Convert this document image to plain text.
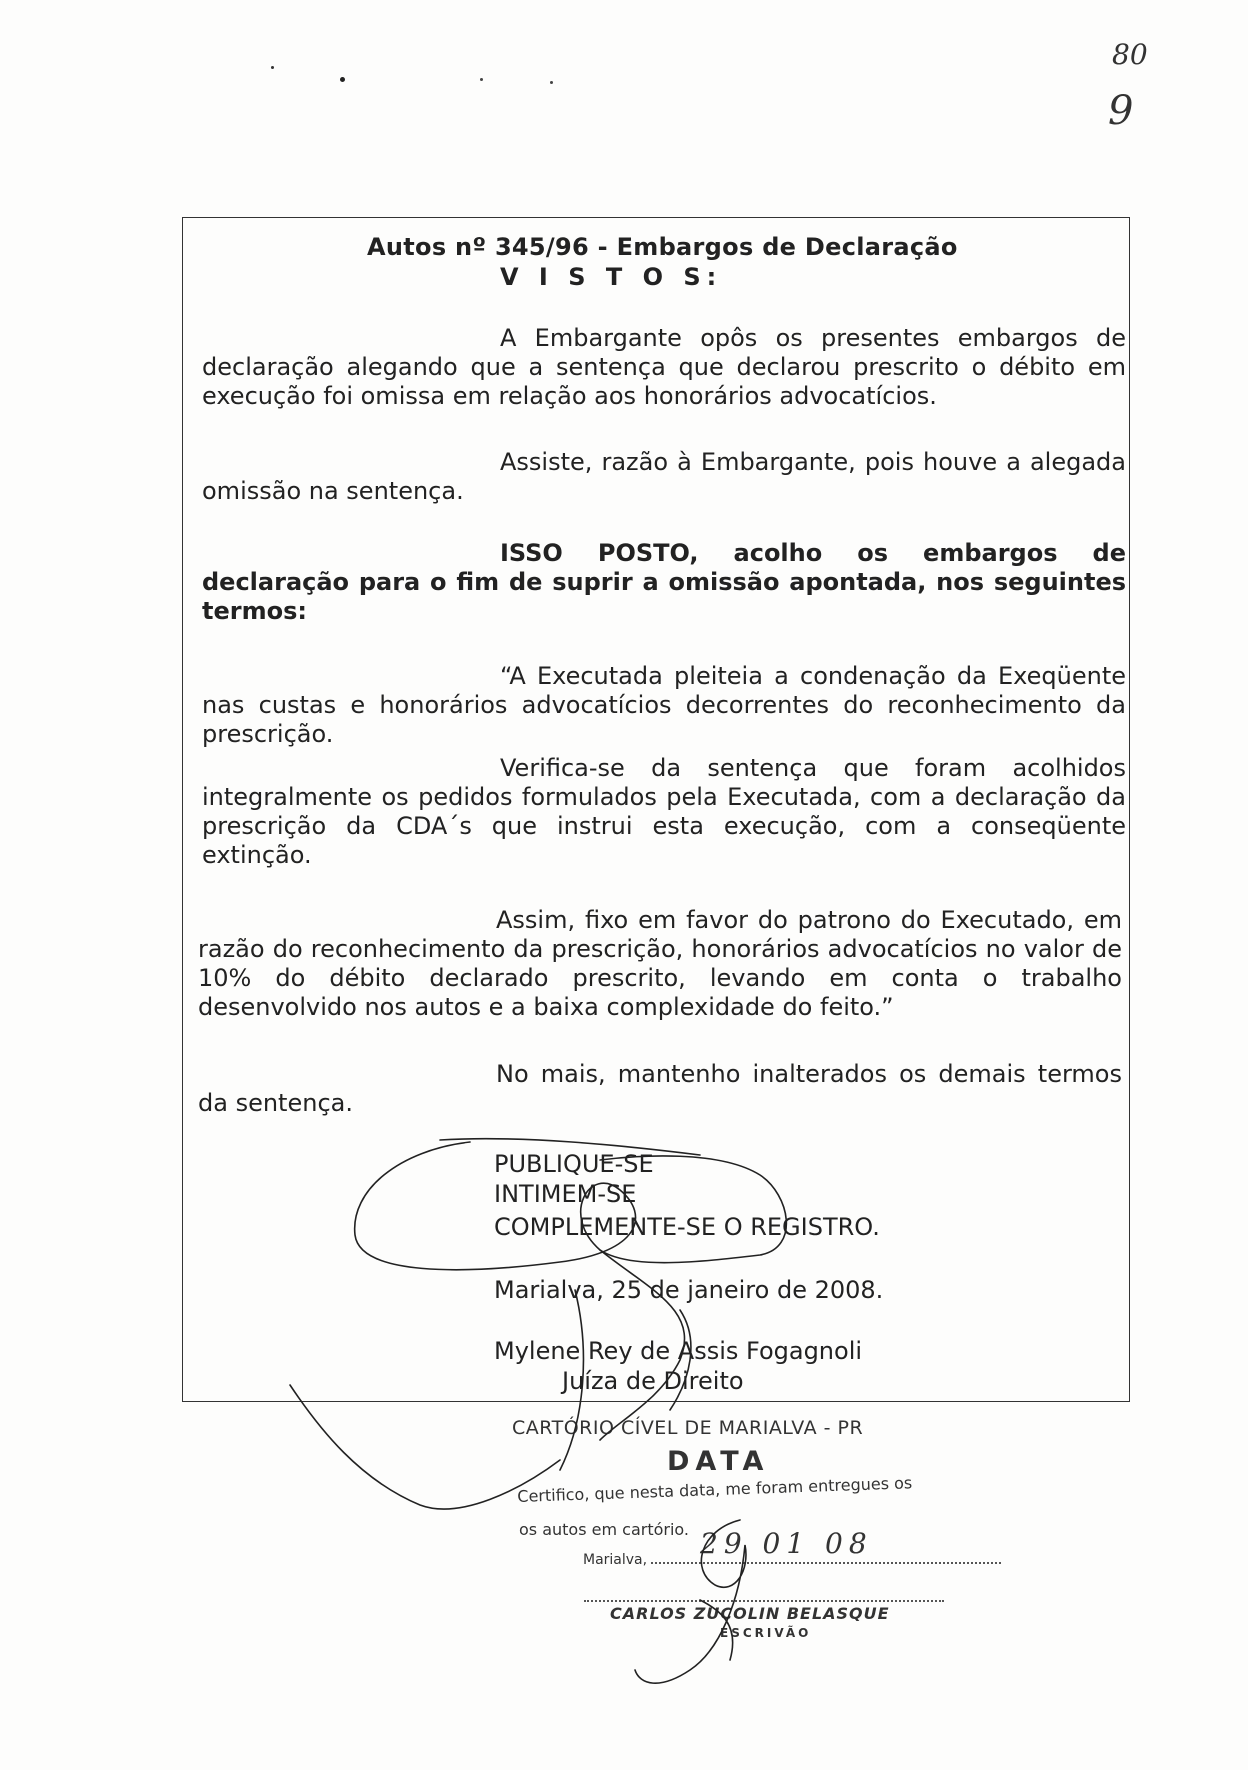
80
9
Autos nº 345/96 - Embargos de Declaração
V I S T O S:
A Embargante opôs os presentes embargos de declaração alegando que a sentença que declarou prescrito o débito em execução foi omissa em relação aos honorários advocatícios.
Assiste, razão à Embargante, pois houve a alegada omissão na sentença.
ISSO POSTO, acolho os embargos de declaração para o fim de suprir a omissão apontada, nos seguintes termos:
“A Executada pleiteia a condenação da Exeqüente nas custas e honorários advocatícios decorrentes do reconhecimento da prescrição.
Verifica-se da sentença que foram acolhidos integralmente os pedidos formulados pela Executada, com a declaração da prescrição da CDA´s que instrui esta execução, com a conseqüente extinção.
Assim, fixo em favor do patrono do Executado, em razão do reconhecimento da prescrição, honorários advocatícios no valor de 10% do débito declarado prescrito, levando em conta o trabalho desenvolvido nos autos e a baixa complexidade do feito.”
No mais, mantenho inalterados os demais termos da sentença.
PUBLIQUE-SE
INTIMEM-SE
COMPLEMENTE-SE O REGISTRO.
Marialva, 25 de janeiro de 2008.
Mylene Rey de Assis Fogagnoli
Juíza de Direito
CARTÓRIO CÍVEL DE MARIALVA - PR
DATA
Certifico, que nesta data, me foram entregues os
os autos em cartório.
Marialva,	29 01 08
CARLOS ZUCOLIN BELASQUE
ESCRIVÃO
